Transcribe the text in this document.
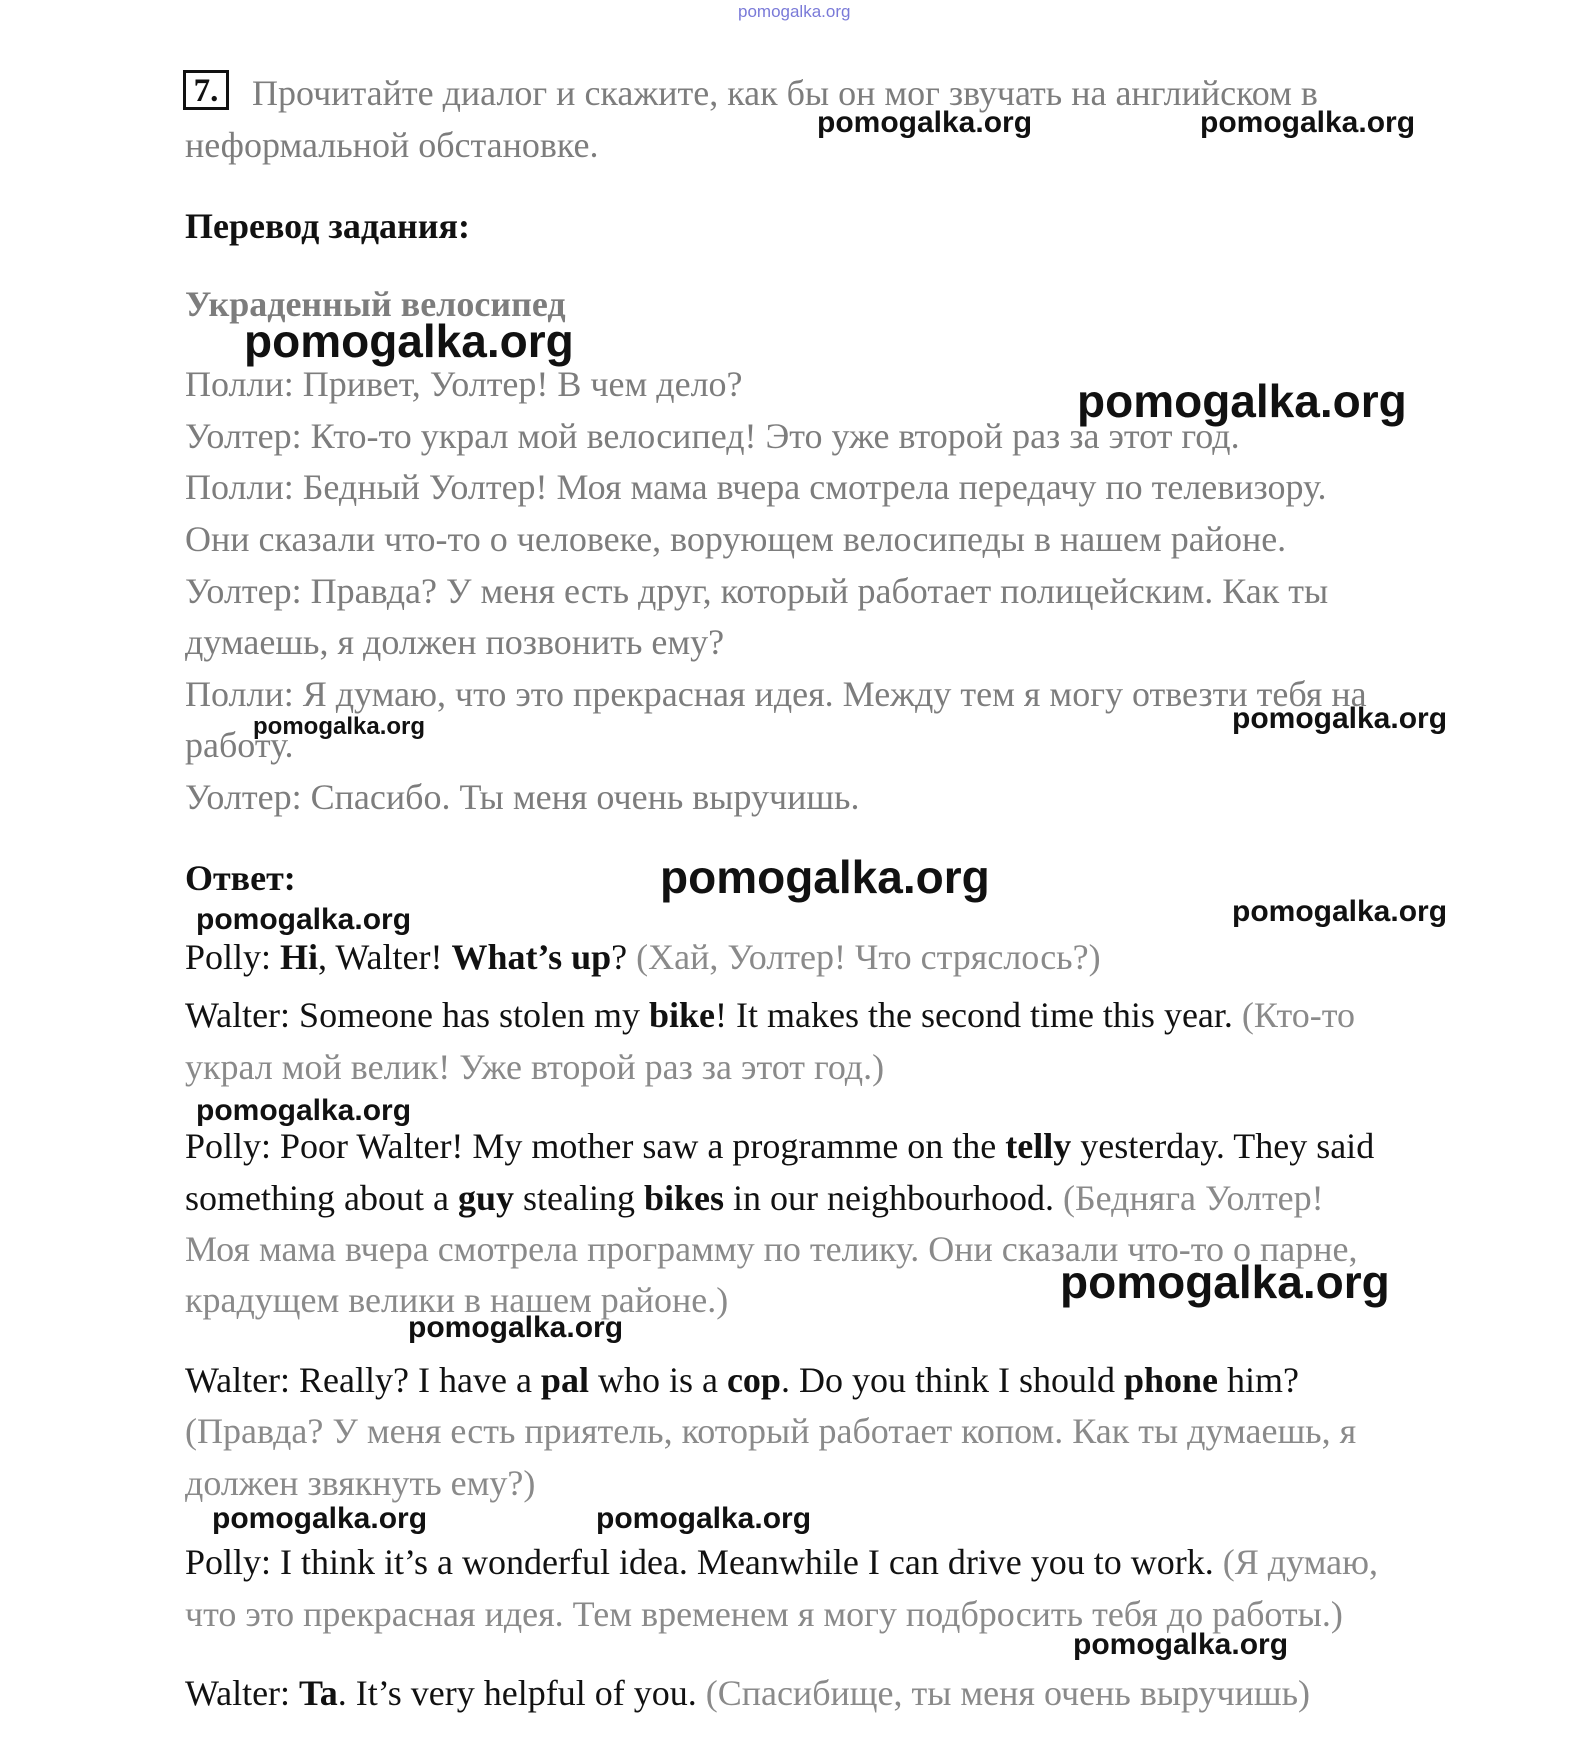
pomogalka.org
7. Прочитайте диалог и скажите, как бы он мог звучать на английском в
неформальной обстановке.
Перевод задания:
Украденный велосипед
Полли: Привет, Уолтер! В чем дело?
Уолтер: Кто-то украл мой велосипед! Это уже второй раз за этот год.
Полли: Бедный Уолтер! Моя мама вчера смотрела передачу по телевизору.
Они сказали что-то о человеке, ворующем велосипеды в нашем районе.
Уолтер: Правда? У меня есть друг, который работает полицейским. Как ты
думаешь, я должен позвонить ему?
Полли: Я думаю, что это прекрасная идея. Между тем я могу отвезти тебя на
работу.
Уолтер: Спасибо. Ты меня очень выручишь.
Ответ:
Polly: Hi, Walter! What’s up? (Хай, Уолтер! Что стряслось?)
Walter: Someone has stolen my bike! It makes the second time this year. (Кто-то
украл мой велик! Уже второй раз за этот год.)
Polly: Poor Walter! My mother saw a programme on the telly yesterday. They said
something about a guy stealing bikes in our neighbourhood. (Бедняга Уолтер!
Моя мама вчера смотрела программу по телику. Они сказали что-то о парне,
крадущем велики в нашем районе.)
Walter: Really? I have a pal who is a cop. Do you think I should phone him?
(Правда? У меня есть приятель, который работает копом. Как ты думаешь, я
должен звякнуть ему?)
Polly: I think it’s a wonderful idea. Meanwhile I can drive you to work. (Я думаю,
что это прекрасная идея. Тем временем я могу подбросить тебя до работы.)
Walter: Ta. It’s very helpful of you. (Спасибище, ты меня очень выручишь)
pomogalka.org	pomogalka.org
pomogalka.org
pomogalka.org
pomogalka.org	pomogalka.org
pomogalka.org
pomogalka.org	pomogalka.org
pomogalka.org
pomogalka.org
pomogalka.org
pomogalka.org	pomogalka.org
pomogalka.org
